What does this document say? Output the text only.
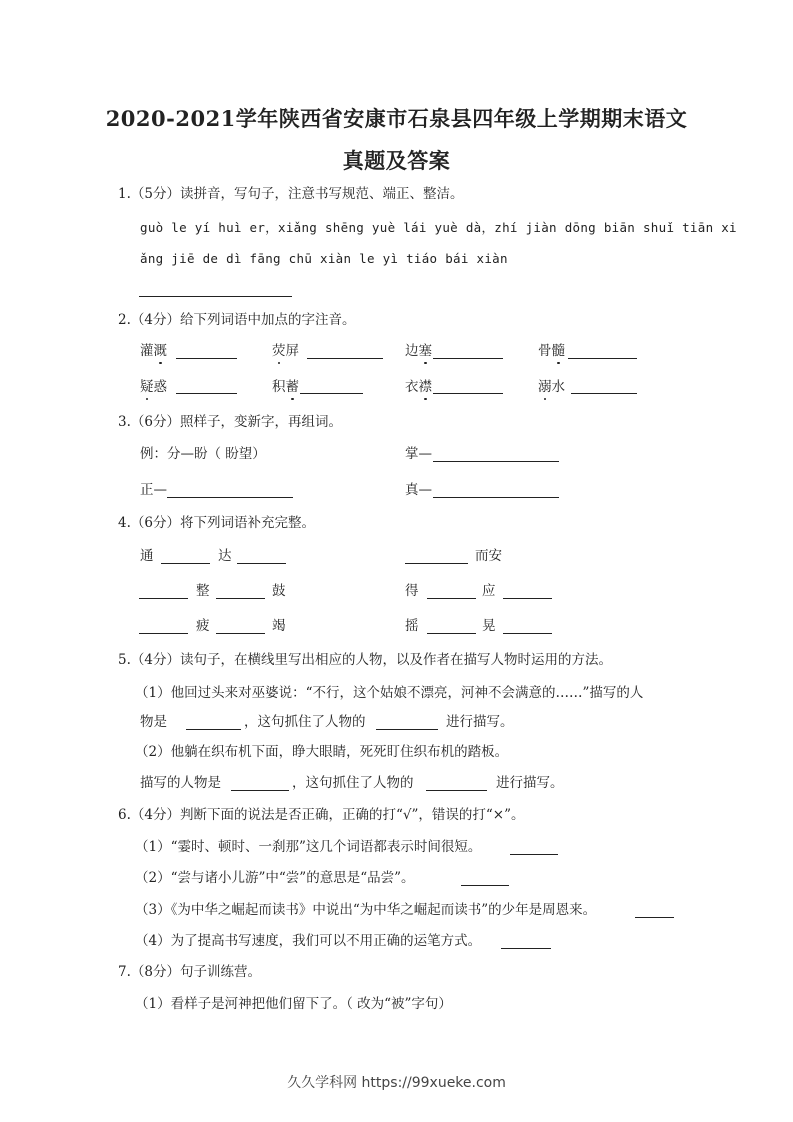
2020-2021学年陕西省安康市石泉县四年级上学期期末语文
真题及答案
1.（5分）读拼音，写句子，注意书写规范、端正、整洁。
guò le yí huì er，xiǎng shēng yuè lái yuè dà，zhí jiàn dōng biān shuǐ tiān xi
ǎng jiē de dì fāng chū xiàn le yì tiáo bái xiàn
2.（4分）给下列词语中加点的字注音。
灌溉	荧屏	边塞	骨髓
疑惑	积蓄	衣襟	溺水
3.（6分）照样子，变新字，再组词。
例：分—盼（ 盼望）	掌—
正—	真—
4.（6分）将下列词语补充完整。
通	达	而安
整	鼓	得	应
疲	竭	摇	晃
5.（4分）读句子，在横线里写出相应的人物，以及作者在描写人物时运用的方法。
（1）他回过头来对巫婆说：“不行，这个姑娘不漂亮，河神不会满意的……”描写的人
物是	，这句抓住了人物的	进行描写。
（2）他躺在织布机下面，睁大眼睛，死死盯住织布机的踏板。
描写的人物是	，这句抓住了人物的	进行描写。
6.（4分）判断下面的说法是否正确，正确的打“√”，错误的打“×”。
（1）“霎时、顿时、一刹那”这几个词语都表示时间很短。
（2）“尝与诸小儿游”中“尝”的意思是“品尝”。
（3）《为中华之崛起而读书》中说出“为中华之崛起而读书”的少年是周恩来。
（4）为了提高书写速度，我们可以不用正确的运笔方式。
7.（8分）句子训练营。
（1）看样子是河神把他们留下了。（ 改为“被”字句）
久久学科网 https://99xueke.com
